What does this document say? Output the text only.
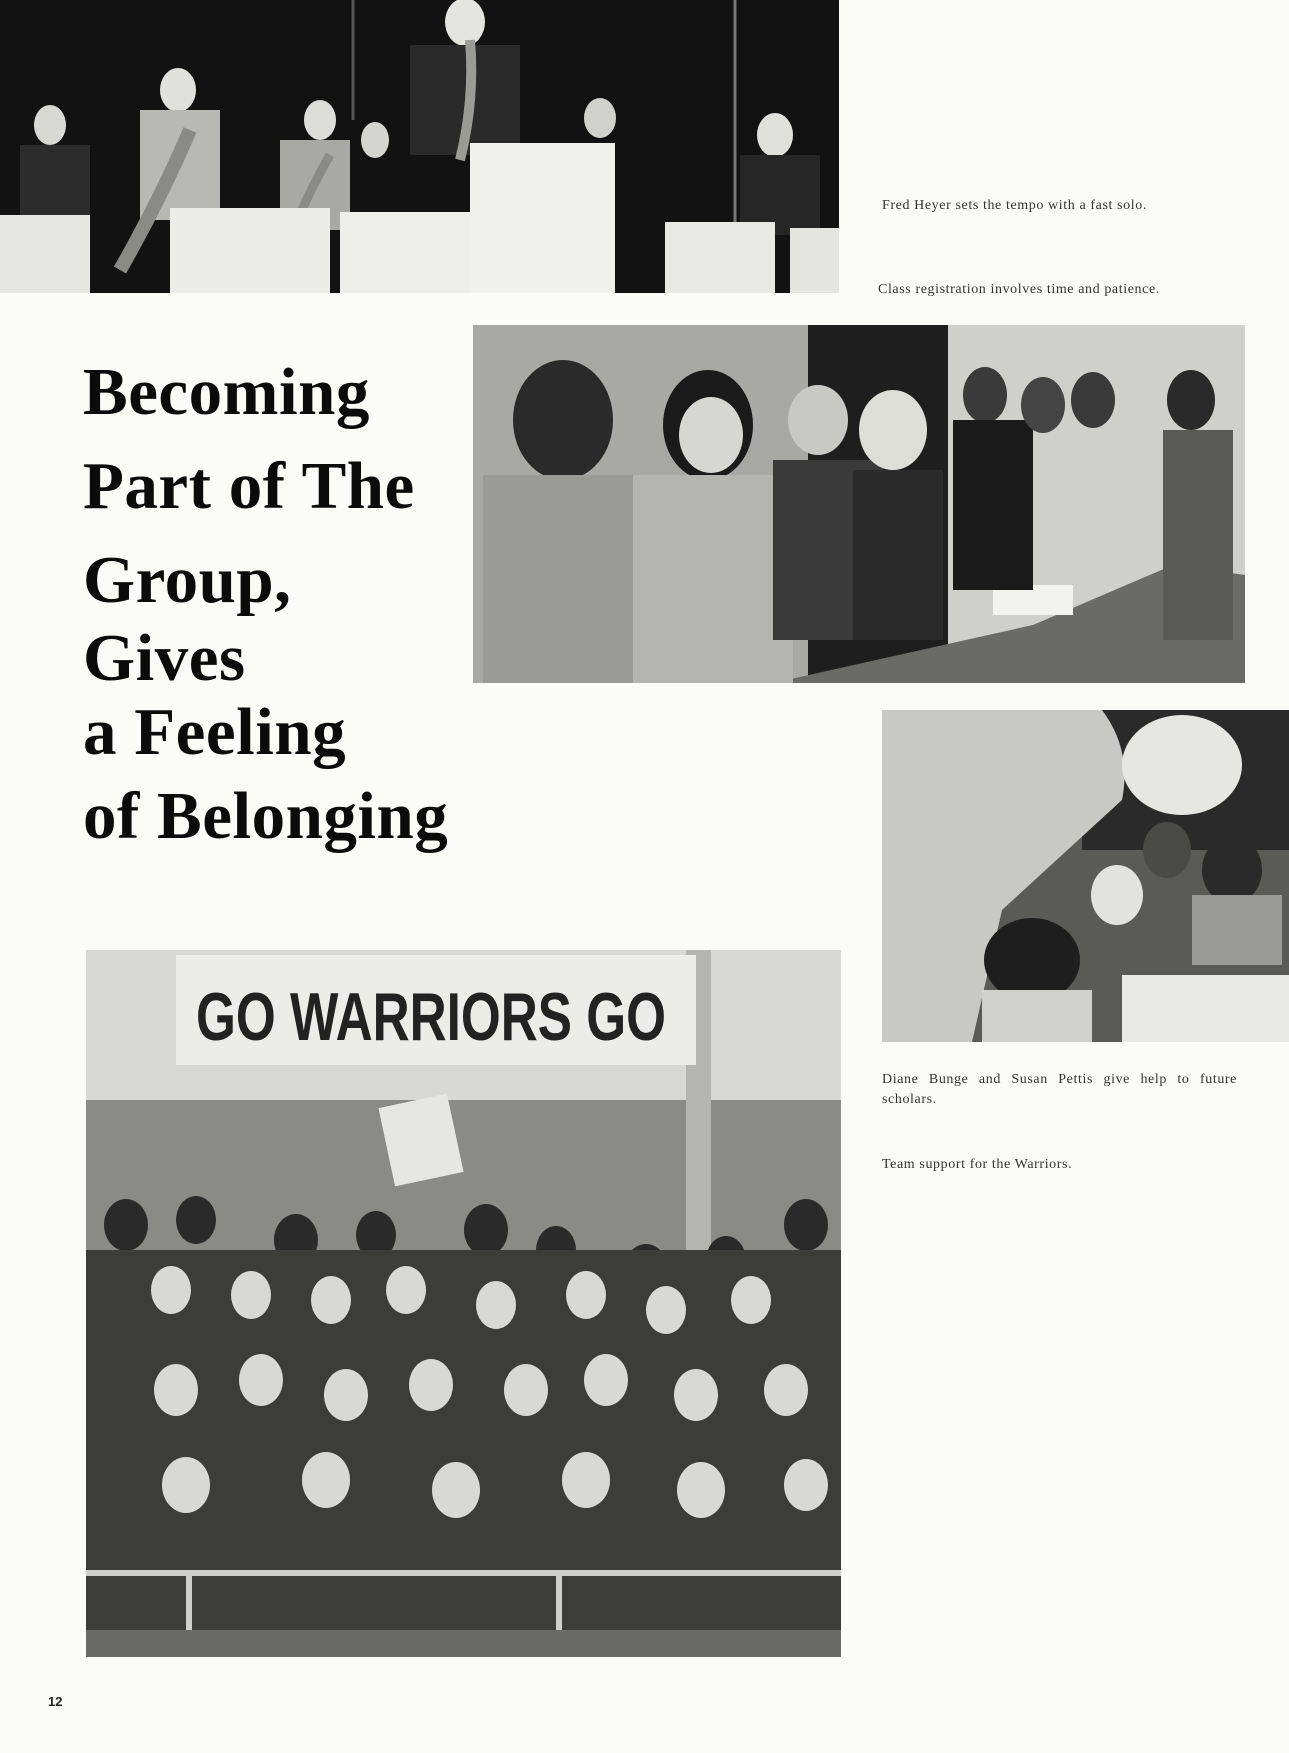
Fred Heyer sets the tempo with a fast solo.
Class registration involves time and patience.
Becoming
Part of The
Group,
Gives
a Feeling
of Belonging
Diane Bunge and Susan Pettis give help to future scholars.
Team support for the Warriors.
GO WARRIORS GO
12
